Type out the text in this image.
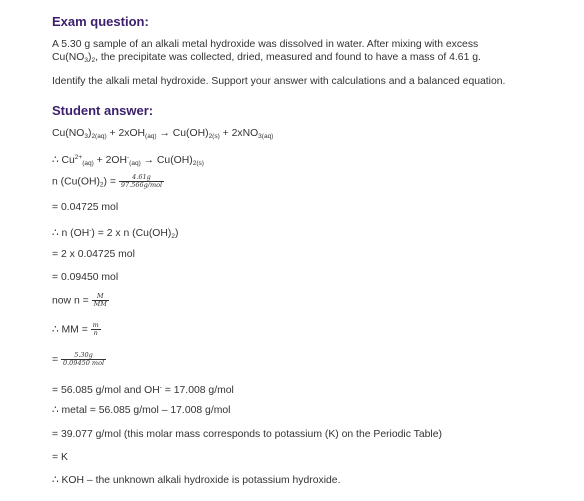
Exam question:
A 5.30 g sample of an alkali metal hydroxide was dissolved in water. After mixing with excess
$Cu(NO_3)_2$, the precipitate was collected, dried, measured and found to have a mass of 4.61 g.
Identify the alkali metal hydroxide. Support your answer with calculations and a balanced equation.
Student answer:
$Cu(NO_3)_{2(aq)} + 2xOH_{(aq)} \to Cu(OH)_{2(s)} + 2xNO_{3(aq)}$
∴ $Cu^{2+}_{(aq)} + 2OH^-_{(aq)} \to Cu(OH)_{2(s)}$
n $(Cu(OH)_2) = \frac{4.61g}{\text{97.566g/mol}}$
= 0.04725 mol
∴ n (OH-) = 2 x n $(Cu(OH)_2)$
= 2 x 0.04725 mol
= 0.09450 mol
now $n = \frac{M}{MM}$
∴ MM = $\frac{m}{n}$
= $\frac{5.30g}{\text{0.09450 mol}}$
= 56.085 g/mol and OH- = 17.008 g/mol
∴ metal = 56.085 g/mol – 17.008 g/mol
= 39.077 g/mol (this molar mass corresponds to potassium (K) on the Periodic Table)
= K
∴ KOH – the unknown alkali hydroxide is potassium hydroxide.
